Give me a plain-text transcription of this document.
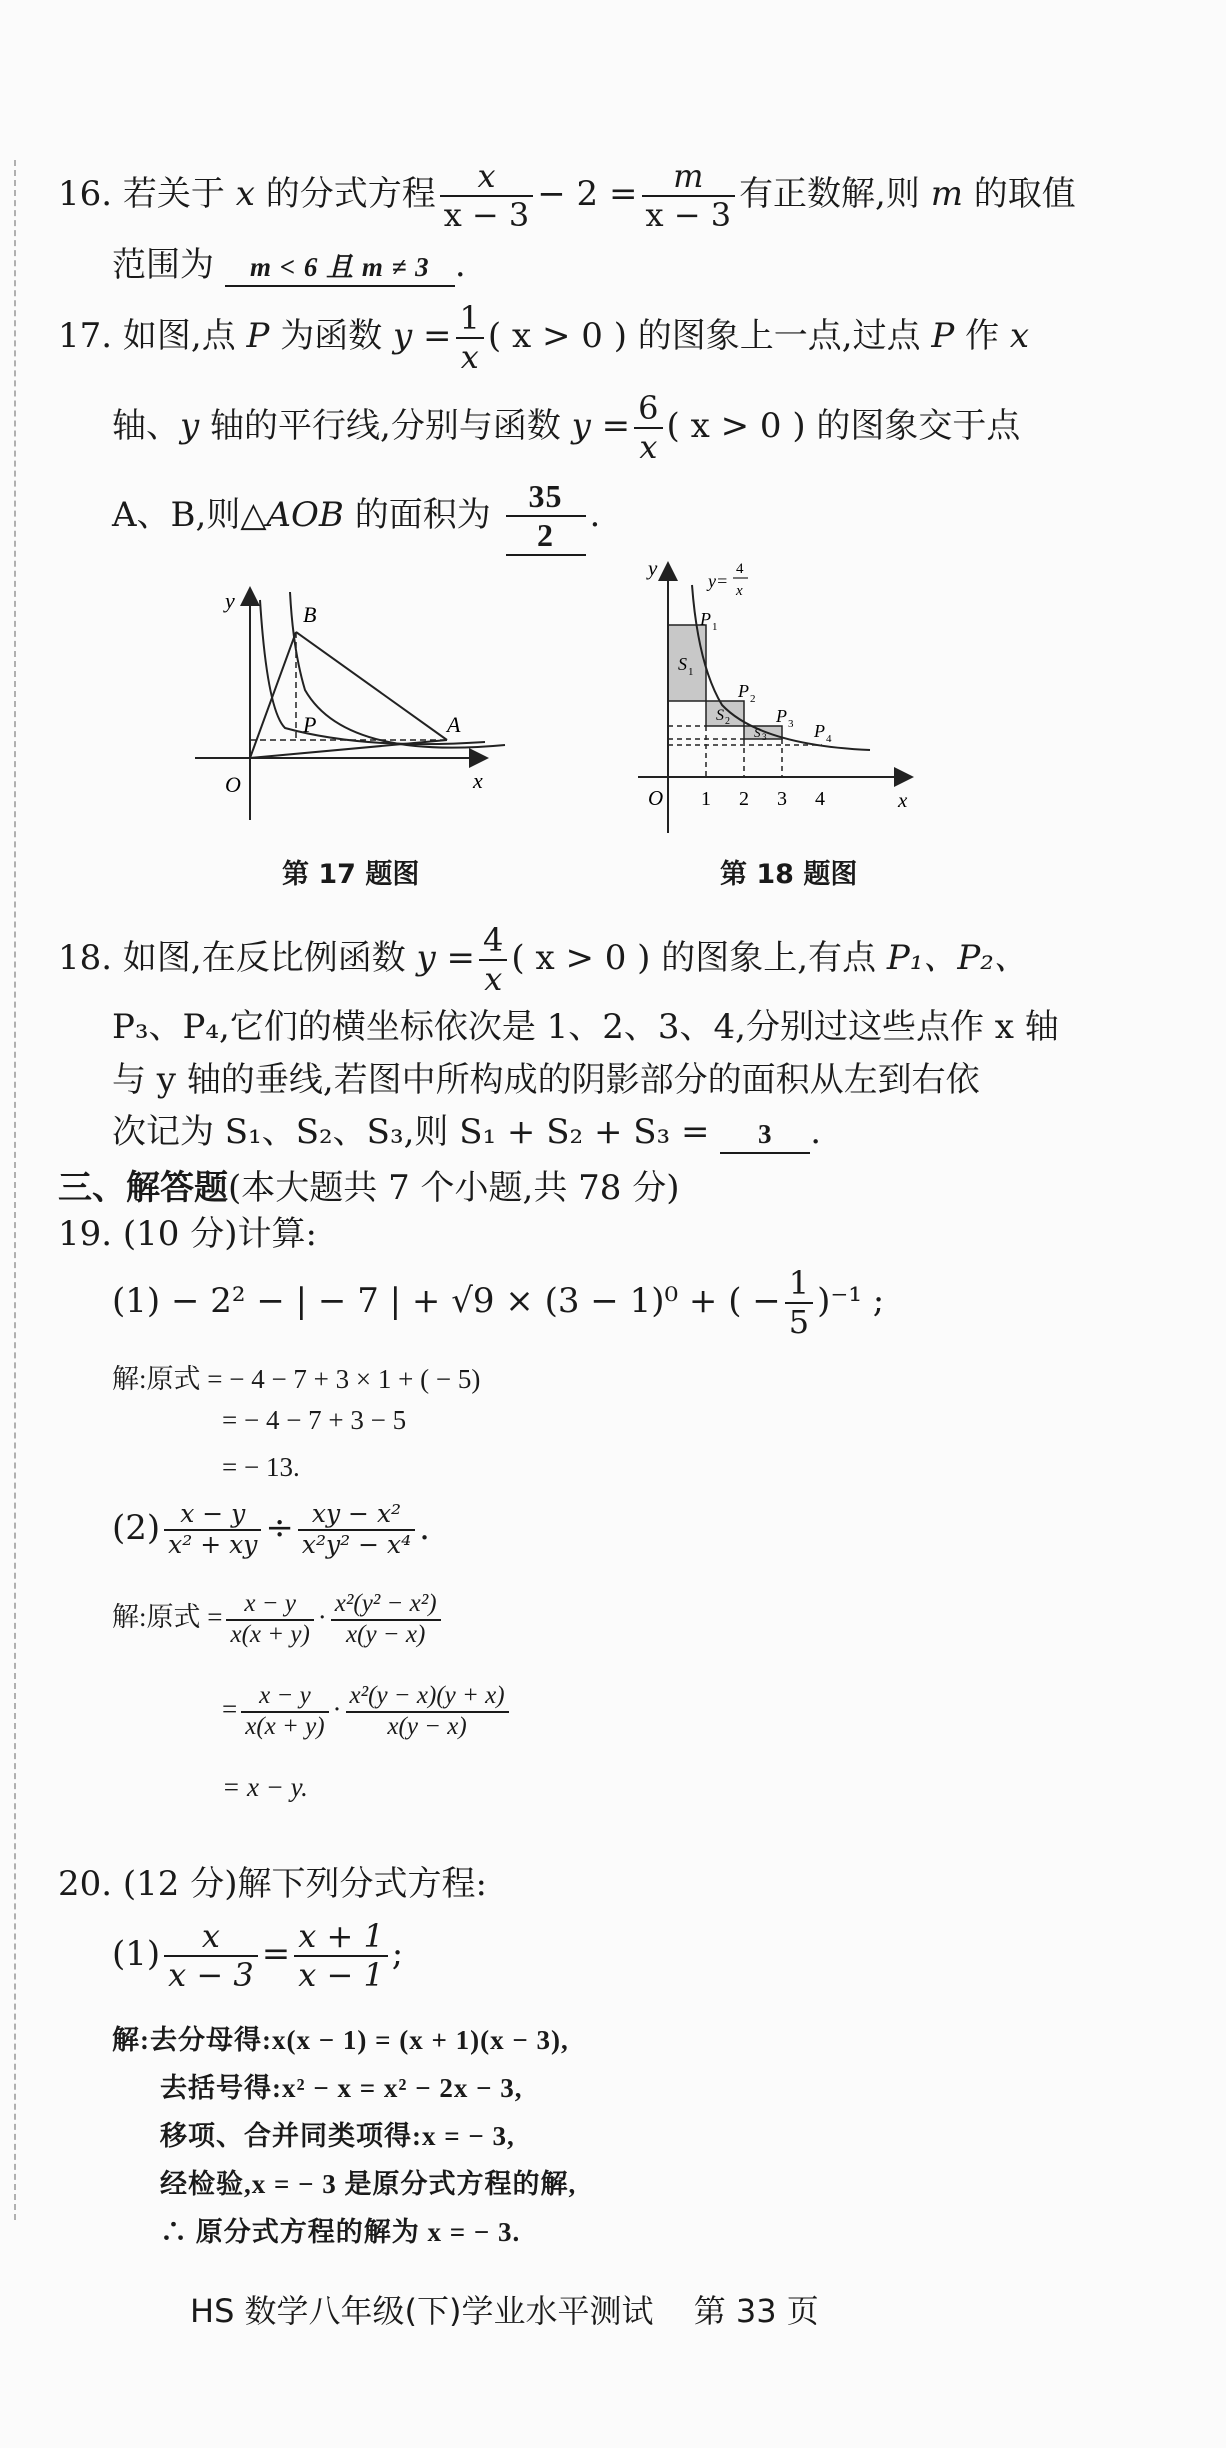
16. 若关于 x 的分式方程 $\frac{x}{x - 3} - 2 = \frac{m}{x - 3}$ 有正数解,则 m 的取值
范围为 m < 6 且 m ≠ 3 .
17. 如图,点 P 为函数 $y = \frac{1}{x}$ ( x > 0 ) 的图象上一点,过点 P 作 x
轴、y 轴的平行线,分别与函数 $y = \frac{6}{x}$ ( x > 0 ) 的图象交于点
A、B,则△AOB 的面积为 $\frac{35}{2}$ .
y
x
O
B
P	A
第 17 题图
y
x
O
y=
4
x
1 2 3 4
P 1
P 2
P 3 P 4
S 1
S 2
S 3
第 18 题图
18. 如图,在反比例函数 $y = \frac{4}{x}$ ( x > 0 ) 的图象上,有点 P₁、P₂、
P₃、P₄,它们的横坐标依次是 1、2、3、4,分别过这些点作 x 轴
与 y 轴的垂线,若图中所构成的阴影部分的面积从左到右依
次记为 S₁、S₂、S₃,则 S₁ + S₂ + S₃ = 3 .
三、解答题(本大题共 7 个小题,共 78 分)
19. (10 分)计算:
(1) − 2² − | − 7 | + √9 × (3 − 1)⁰ + ( − $\frac{1}{5} )^{-1}$ ;
解:原式 = − 4 − 7 + 3 × 1 + ( − 5)
= − 4 − 7 + 3 − 5
= − 13.
$(2) \frac{x - y}{\text{x² + xy}} \div \frac{\text{xy − x²}}{\text{x²y² − x⁴}}$ .
解:原式 = $\frac{x - y}{x(x + y)} \cdot \frac{\text{x²(y² − x²)}}{x(y - x)}$
= $\frac{x - y}{x(x + y)} \cdot \frac{\text{x²(y − x)(y + x)}}{x(y - x)}$
= x − y.
20. (12 分)解下列分式方程:
$(1) \frac{x}{x - 3} = \frac{x + 1}{x - 1}$ ;
解:去分母得:x(x − 1) = (x + 1)(x − 3),
去括号得:x² − x = x² − 2x − 3,
移项、合并同类项得:x = − 3,
经检验,x = − 3 是原分式方程的解,
∴ 原分式方程的解为 x = − 3.
HS 数学八年级(下)学业水平测试 第 33 页
